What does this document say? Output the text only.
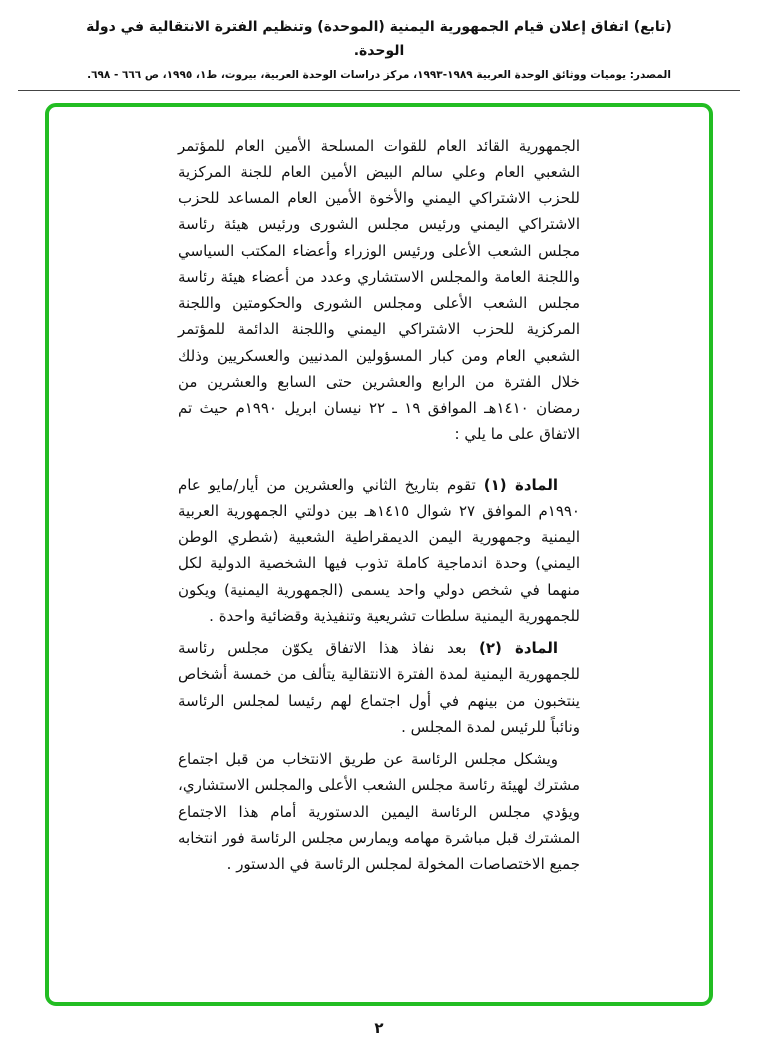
(تابع) اتفاق إعلان قيام الجمهورية اليمنية (الموحدة) وتنظيم الفترة الانتقالية في دولة الوحدة.
المصدر: يوميات ووثائق الوحدة العربية ١٩٨٩-١٩٩٣، مركز دراسات الوحدة العربية، بيروت، ط١، ١٩٩٥، ص ٦٦٦ - ٦٩٨.

الجمهورية القائد العام للقوات المسلحة الأمين العام للمؤتمر الشعبي العام وعلي سالم البيض الأمين العام للجنة المركزية للحزب الاشتراكي اليمني والأخوة الأمين العام المساعد للحزب الاشتراكي اليمني ورئيس مجلس الشورى ورئيس هيئة رئاسة مجلس الشعب الأعلى ورئيس الوزراء وأعضاء المكتب السياسي واللجنة العامة والمجلس الاستشاري وعدد من أعضاء هيئة رئاسة مجلس الشعب الأعلى ومجلس الشورى والحكومتين واللجنة المركزية للحزب الاشتراكي اليمني واللجنة الدائمة للمؤتمر الشعبي العام ومن كبار المسؤولين المدنيين والعسكريين وذلك خلال الفترة من الرابع والعشرين حتى السابع والعشرين من رمضان ١٤١٠هـ الموافق ١٩ ـ ٢٢ نيسان ابريل ١٩٩٠م حيث تم الاتفاق على ما يلي :

المادة (١) تقوم بتاريخ الثاني والعشرين من أيار/مايو عام ١٩٩٠م الموافق ٢٧ شوال ١٤١٥هـ بين دولتي الجمهورية العربية اليمنية وجمهورية اليمن الديمقراطية الشعبية (شطري الوطن اليمني) وحدة اندماجية كاملة تذوب فيها الشخصية الدولية لكل منهما في شخص دولي واحد يسمى (الجمهورية اليمنية) ويكون للجمهورية اليمنية سلطات تشريعية وتنفيذية وقضائية واحدة .

المادة (٢) بعد نفاذ هذا الاتفاق يكوّن مجلس رئاسة للجمهورية اليمنية لمدة الفترة الانتقالية يتألف من خمسة أشخاص ينتخبون من بينهم في أول اجتماع لهم رئيسا لمجلس الرئاسة ونائباً للرئيس لمدة المجلس .

ويشكل مجلس الرئاسة عن طريق الانتخاب من قبل اجتماع مشترك لهيئة رئاسة مجلس الشعب الأعلى والمجلس الاستشاري، ويؤدي مجلس الرئاسة اليمين الدستورية أمام هذا الاجتماع المشترك قبل مباشرة مهامه ويمارس مجلس الرئاسة فور انتخابه جميع الاختصاصات المخولة لمجلس الرئاسة في الدستور .

٢
